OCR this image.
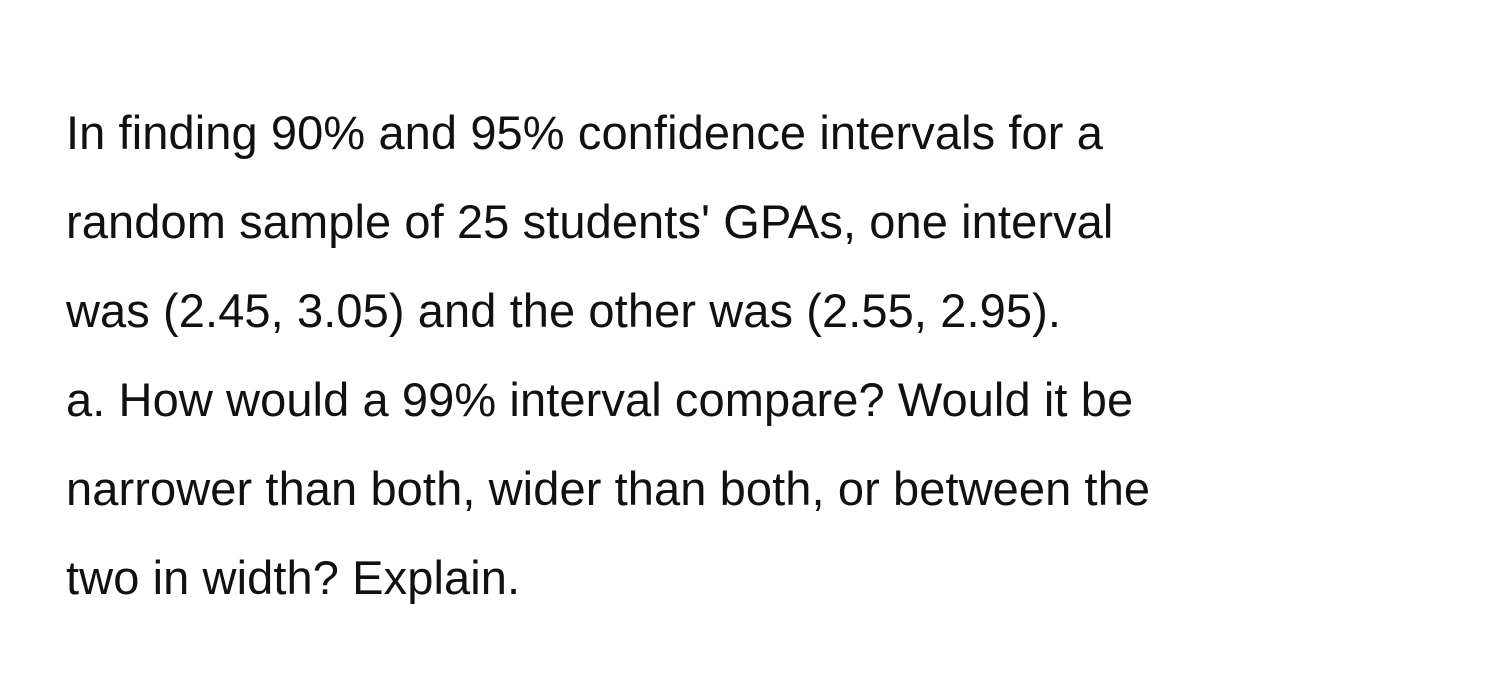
In finding 90% and 95% confidence intervals for a
random sample of 25 students' GPAs, one interval
was (2.45, 3.05) and the other was (2.55, 2.95).
a. How would a 99% interval compare? Would it be
narrower than both, wider than both, or between the
two in width? Explain.
